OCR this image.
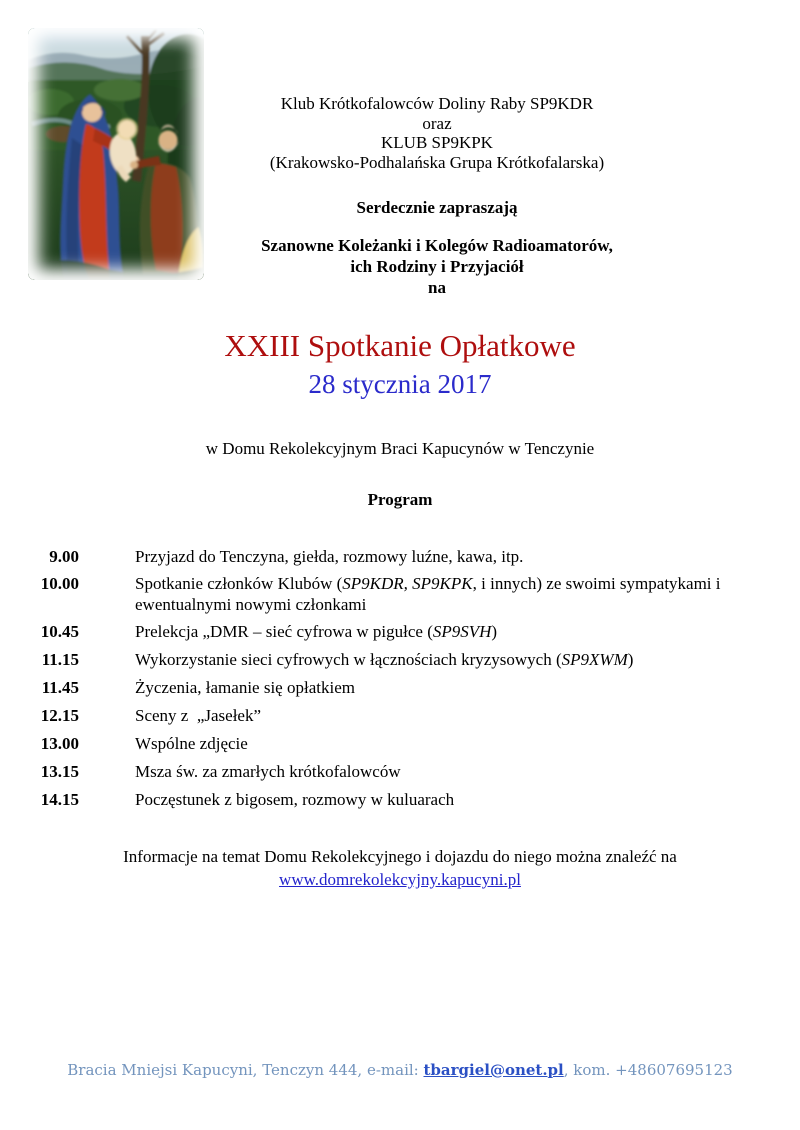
Klub Krótkofalowców Doliny Raby SP9KDR
oraz
KLUB SP9KPK
(Krakowsko-Podhalańska Grupa Krótkofalarska)
Serdecznie zapraszają
Szanowne Koleżanki i Kolegów Radioamatorów,
ich Rodziny i Przyjaciół
na
XXIII Spotkanie Opłatkowe
28 stycznia 2017
w Domu Rekolekcyjnym Braci Kapucynów w Tenczynie
Program
9.00	Przyjazd do Tenczyna, giełda, rozmowy luźne, kawa, itp.
10.00	Spotkanie członków Klubów (SP9KDR, SP9KPK, i innych) ze swoimi sympatykami i ewentualnymi nowymi członkami
10.45	Prelekcja „DMR – sieć cyfrowa w pigułce (SP9SVH)
11.15	Wykorzystanie sieci cyfrowych w łącznościach kryzysowych (SP9XWM)
11.45	Życzenia, łamanie się opłatkiem
12.15	Sceny z  „Jasełek”
13.00	Wspólne zdjęcie
13.15	Msza św. za zmarłych krótkofalowców
14.15	Poczęstunek z bigosem, rozmowy w kuluarach
Informacje na temat Domu Rekolekcyjnego i dojazdu do niego można znaleźć na
www.domrekolekcyjny.kapucyni.pl
Bracia Mniejsi Kapucyni, Tenczyn 444, e-mail: tbargiel@onet.pl, kom. +48607695123
